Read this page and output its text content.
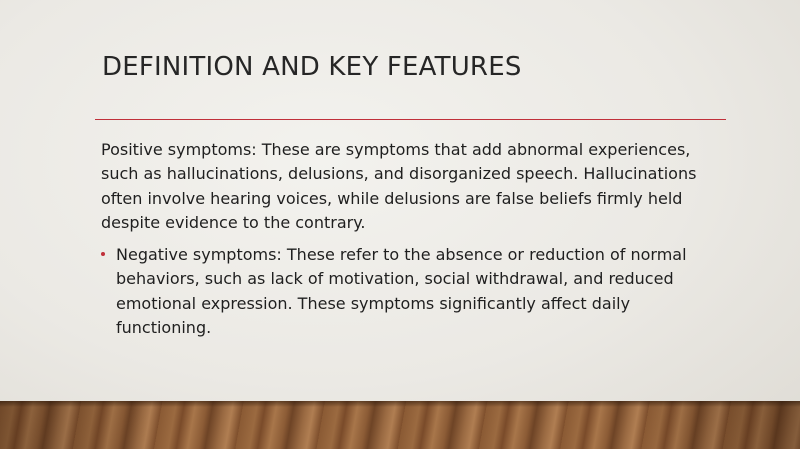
DEFINITION AND KEY FEATURES

Positive symptoms: These are symptoms that add abnormal experiences, such as hallucinations, delusions, and disorganized speech. Hallucinations often involve hearing voices, while delusions are false beliefs firmly held despite evidence to the contrary.

Negative symptoms: These refer to the absence or reduction of normal behaviors, such as lack of motivation, social withdrawal, and reduced emotional expression. These symptoms significantly affect daily functioning.
